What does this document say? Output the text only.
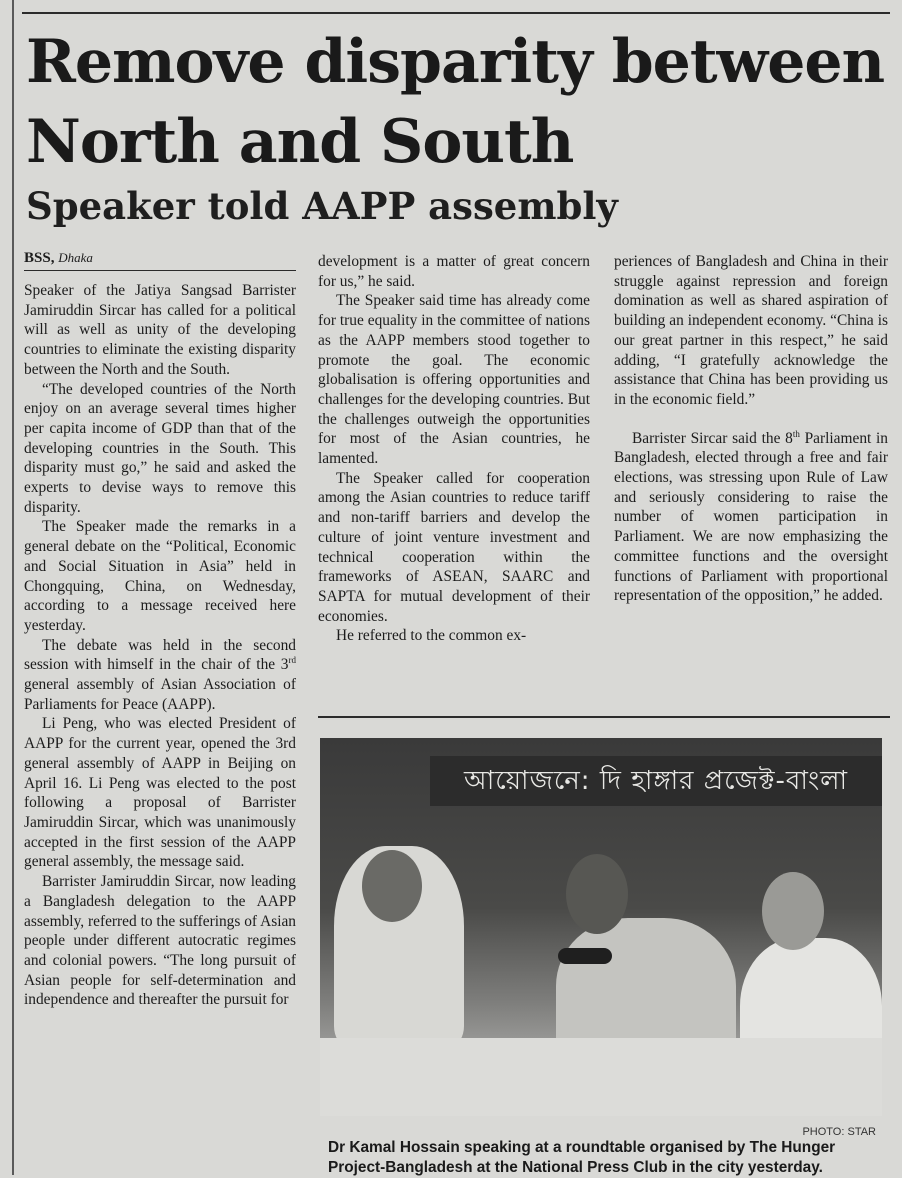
Remove disparity between North and South
Speaker told AAPP assembly
BSS, Dhaka

Speaker of the Jatiya Sangsad Barrister Jamiruddin Sircar has called for a political will as well as unity of the developing countries to eliminate the existing disparity between the North and the South.

“The developed countries of the North enjoy on an average several times higher per capita income of GDP than that of the developing countries in the South. This disparity must go,” he said and asked the experts to devise ways to remove this disparity.

The Speaker made the remarks in a general debate on the “Political, Economic and Social Situation in Asia” held in Chongquing, China, on Wednesday, according to a message received here yesterday.

The debate was held in the second session with himself in the chair of the 3rd general assembly of Asian Association of Parliaments for Peace (AAPP).

Li Peng, who was elected President of AAPP for the current year, opened the 3rd general assembly of AAPP in Beijing on April 16. Li Peng was elected to the post following a proposal of Barrister Jamiruddin Sircar, which was unanimously accepted in the first session of the AAPP general assembly, the message said.

Barrister Jamiruddin Sircar, now leading a Bangladesh delegation to the AAPP assembly, referred to the sufferings of Asian people under different autocratic regimes and colonial powers. “The long pursuit of Asian people for self-determination and independence and thereafter the pursuit for

development is a matter of great concern for us,” he said.

The Speaker said time has already come for true equality in the committee of nations as the AAPP members stood together to promote the goal. The economic globalisation is offering opportunities and challenges for the developing countries. But the challenges outweigh the opportunities for most of the Asian countries, he lamented.

The Speaker called for cooperation among the Asian countries to reduce tariff and non-tariff barriers and develop the culture of joint venture investment and technical cooperation within the frameworks of ASEAN, SAARC and SAPTA for mutual development of their economies.

He referred to the common ex-

periences of Bangladesh and China in their struggle against repression and foreign domination as well as shared aspiration of building an independent economy. “China is our great partner in this respect,” he said adding, “I gratefully acknowledge the assistance that China has been providing us in the economic field.”

Barrister Sircar said the 8th Parliament in Bangladesh, elected through a free and fair elections, was stressing upon Rule of Law and seriously considering to raise the number of women participation in Parliament. We are now emphasizing the committee functions and the oversight functions of Parliament with proportional representation of the opposition,” he added.

আয়োজনে: দি হাঙ্গার প্রজেক্ট-বাংলা
PHOTO: STAR
Dr Kamal Hossain speaking at a roundtable organised by The Hunger Project-Bangladesh at the National Press Club in the city yesterday.
